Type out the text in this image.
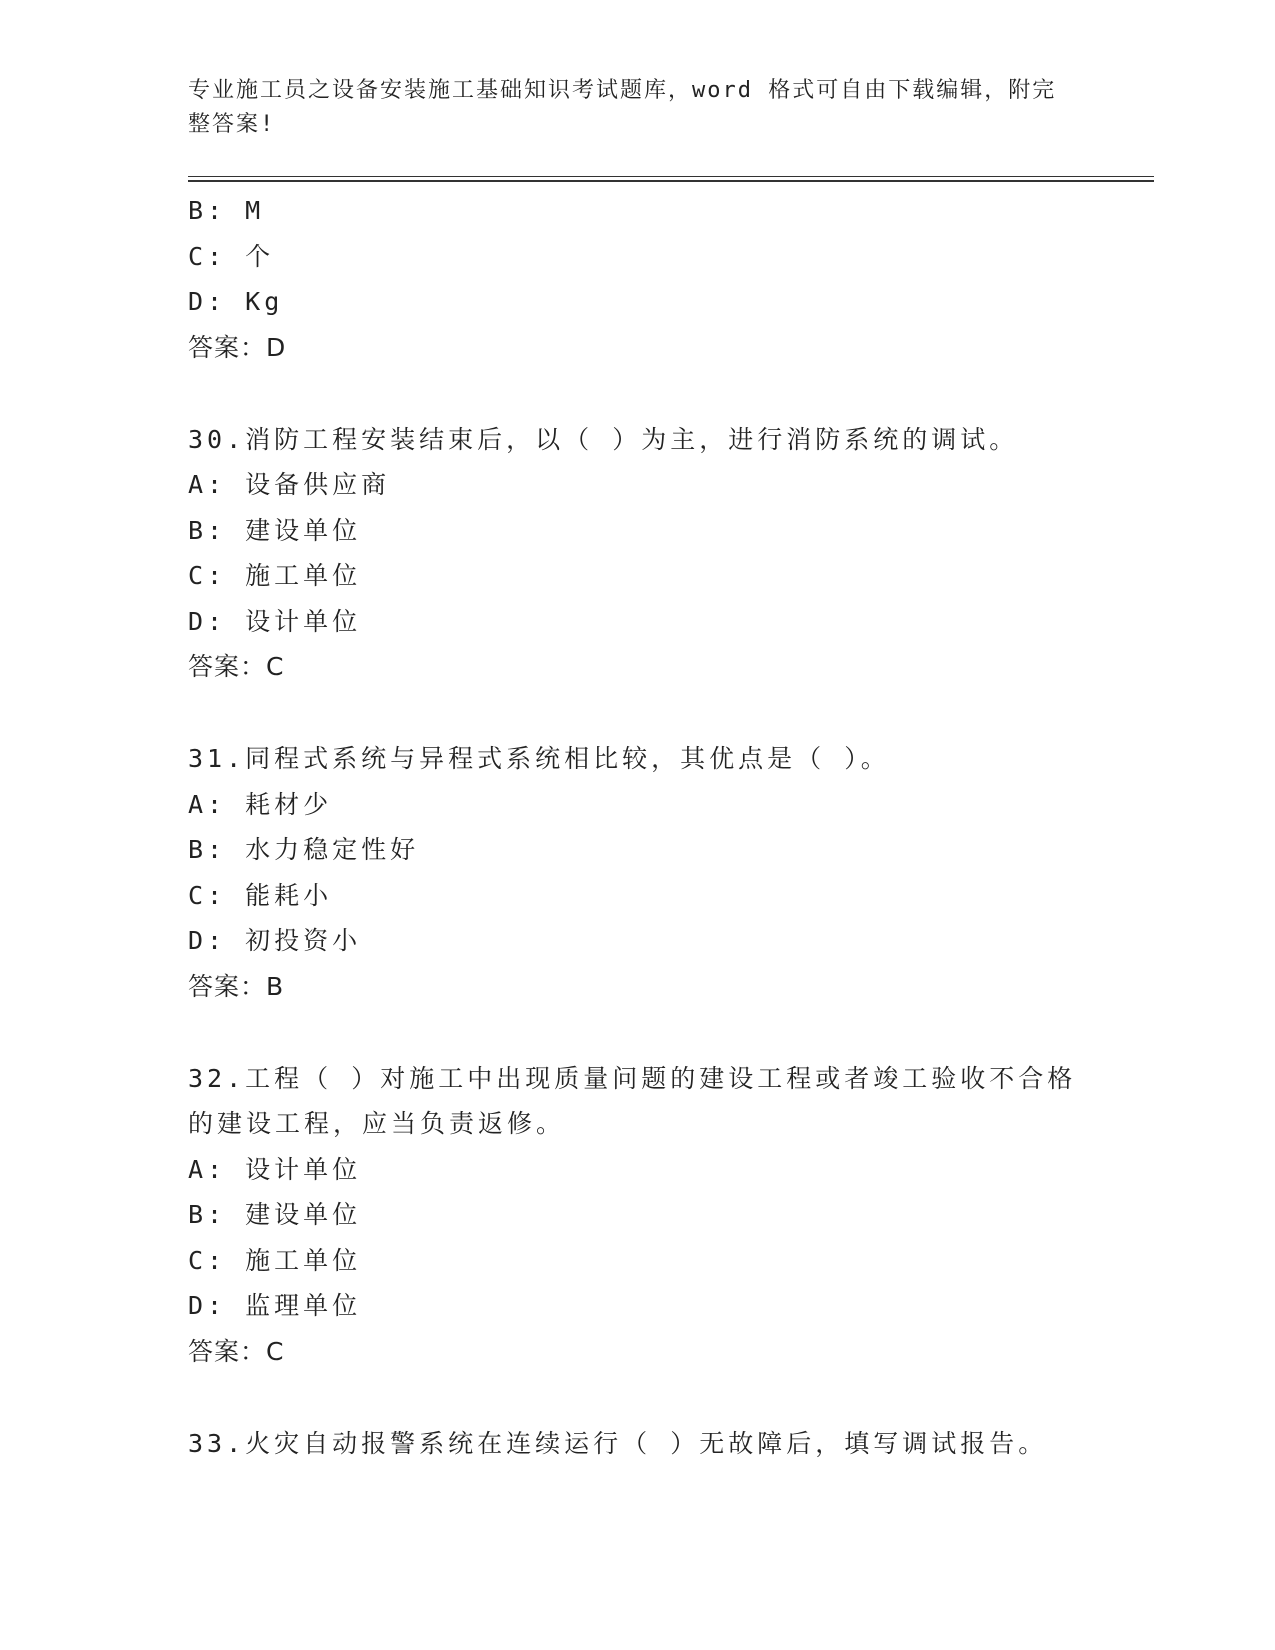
专业施工员之设备安装施工基础知识考试题库，word 格式可自由下载编辑，附完
整答案!
B: M
C: 个
D: Kg
答案：D
30.消防工程安装结束后，以（ ）为主，进行消防系统的调试。
A: 设备供应商
B: 建设单位
C: 施工单位
D: 设计单位
答案：C
31.同程式系统与异程式系统相比较，其优点是（ ）。
A: 耗材少
B: 水力稳定性好
C: 能耗小
D: 初投资小
答案：B
32.工程（ ）对施工中出现质量问题的建设工程或者竣工验收不合格
的建设工程，应当负责返修。
A: 设计单位
B: 建设单位
C: 施工单位
D: 监理单位
答案：C
33.火灾自动报警系统在连续运行（ ）无故障后，填写调试报告。
